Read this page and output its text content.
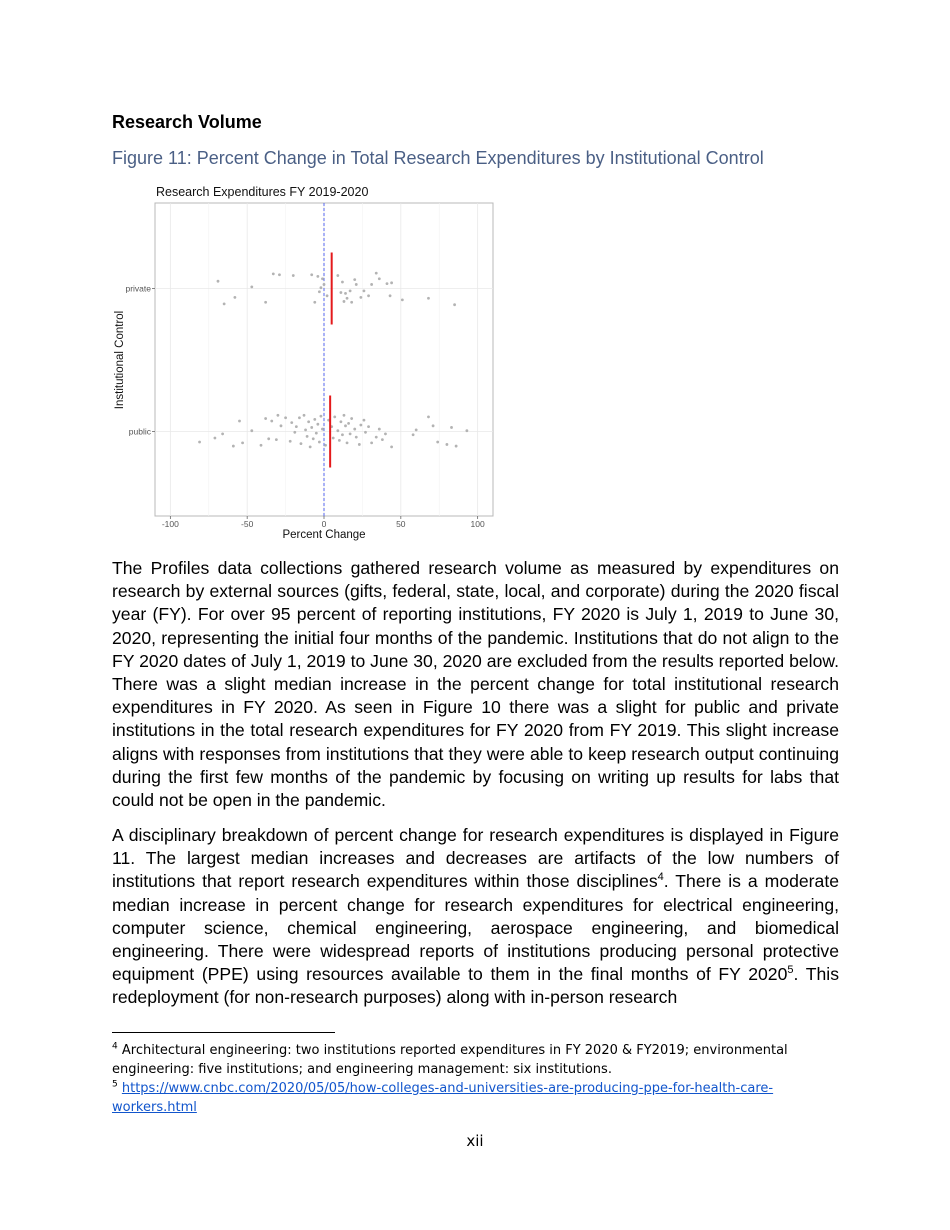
Research Volume
Figure 11: Percent Change in Total Research Expenditures by Institutional Control
Research Expenditures FY 2019-2020
Institutional Control
Percent Change
-100	-50	0	50	100
private
public

The Profiles data collections gathered research volume as measured by expenditures on research by external sources (gifts, federal, state, local, and corporate) during the 2020 fiscal year (FY). For over 95 percent of reporting institutions, FY 2020 is July 1, 2019 to June 30, 2020, representing the initial four months of the pandemic. Institutions that do not align to the FY 2020 dates of July 1, 2019 to June 30, 2020 are excluded from the results reported below. There was a slight median increase in the percent change for total institutional research expenditures in FY 2020. As seen in Figure 10 there was a slight for public and private institutions in the total research expenditures for FY 2020 from FY 2019. This slight increase aligns with responses from institutions that they were able to keep research output continuing during the first few months of the pandemic by focusing on writing up results for labs that could not be open in the pandemic.

A disciplinary breakdown of percent change for research expenditures is displayed in Figure 11. The largest median increases and decreases are artifacts of the low numbers of institutions that report research expenditures within those disciplines$^4$. There is a moderate median increase in percent change for research expenditures for electrical engineering, computer science, chemical engineering, aerospace engineering, and biomedical engineering. There were widespread reports of institutions producing personal protective equipment (PPE) using resources available to them in the final months of FY 2020$^5$. This redeployment (for non-research purposes) along with in-person research

$^4$ Architectural engineering: two institutions reported expenditures in FY 2020 & FY2019; environmental engineering: five institutions; and engineering management: six institutions.
$^5$ https://www.cnbc.com/2020/05/05/how-colleges-and-universities-are-producing-ppe-for-health-care-workers.html
xii
